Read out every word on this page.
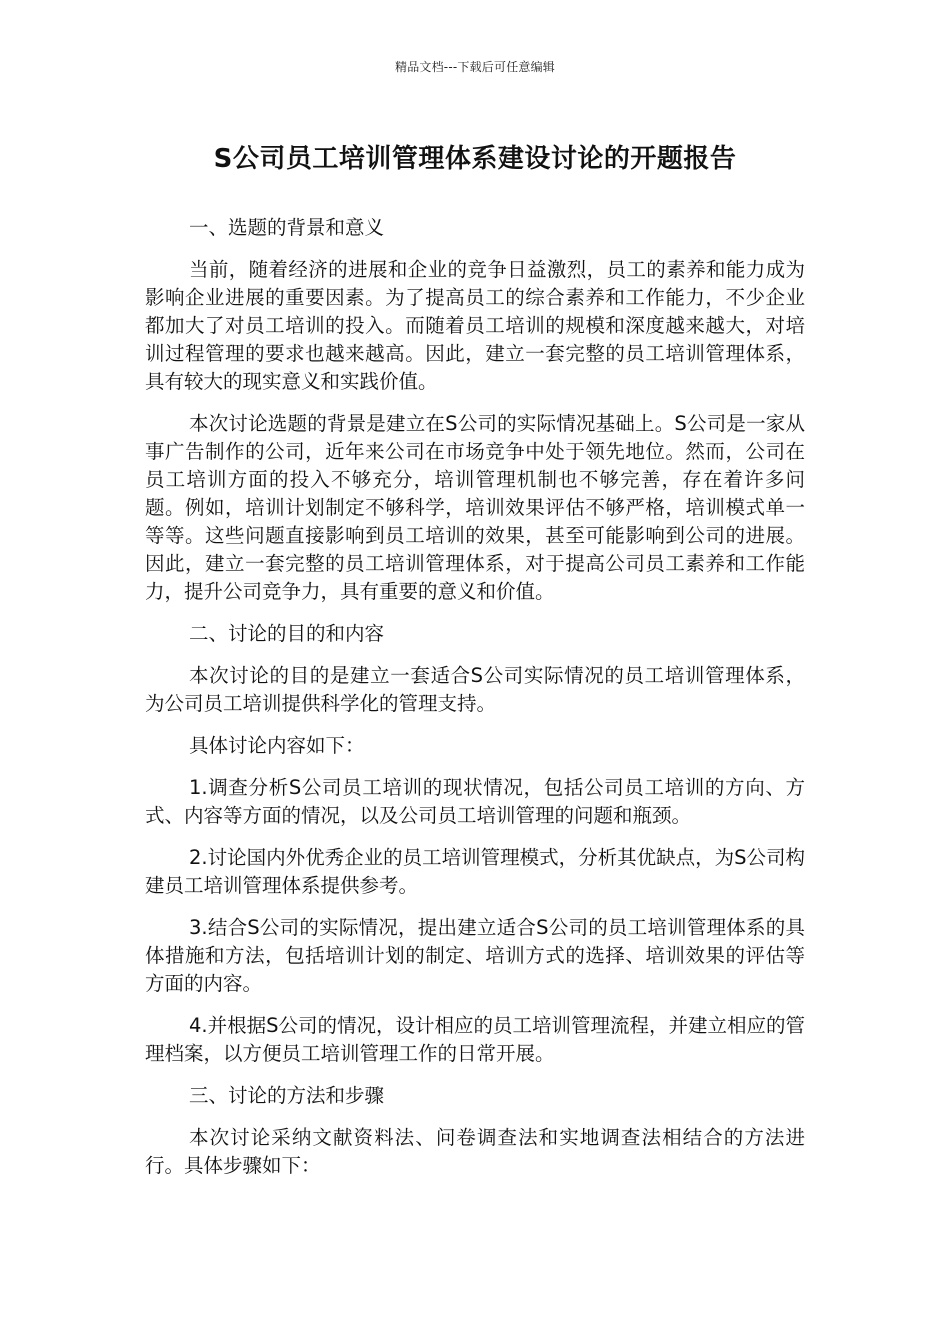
精品文档---下载后可任意编辑
S公司员工培训管理体系建设讨论的开题报告

一、选题的背景和意义

当前，随着经济的进展和企业的竞争日益激烈，员工的素养和能力成为影响企业进展的重要因素。为了提高员工的综合素养和工作能力，不少企业都加大了对员工培训的投入。而随着员工培训的规模和深度越来越大，对培训过程管理的要求也越来越高。因此，建立一套完整的员工培训管理体系，具有较大的现实意义和实践价值。

本次讨论选题的背景是建立在S公司的实际情况基础上。S公司是一家从事广告制作的公司，近年来公司在市场竞争中处于领先地位。然而，公司在员工培训方面的投入不够充分，培训管理机制也不够完善，存在着许多问题。例如，培训计划制定不够科学，培训效果评估不够严格，培训模式单一等等。这些问题直接影响到员工培训的效果，甚至可能影响到公司的进展。因此，建立一套完整的员工培训管理体系，对于提高公司员工素养和工作能力，提升公司竞争力，具有重要的意义和价值。

二、讨论的目的和内容

本次讨论的目的是建立一套适合S公司实际情况的员工培训管理体系，为公司员工培训提供科学化的管理支持。

具体讨论内容如下：

1.调查分析S公司员工培训的现状情况，包括公司员工培训的方向、方式、内容等方面的情况，以及公司员工培训管理的问题和瓶颈。

2.讨论国内外优秀企业的员工培训管理模式，分析其优缺点，为S公司构建员工培训管理体系提供参考。

3.结合S公司的实际情况，提出建立适合S公司的员工培训管理体系的具体措施和方法，包括培训计划的制定、培训方式的选择、培训效果的评估等方面的内容。

4.并根据S公司的情况，设计相应的员工培训管理流程，并建立相应的管理档案，以方便员工培训管理工作的日常开展。

三、讨论的方法和步骤

本次讨论采纳文献资料法、问卷调查法和实地调查法相结合的方法进行。具体步骤如下：
